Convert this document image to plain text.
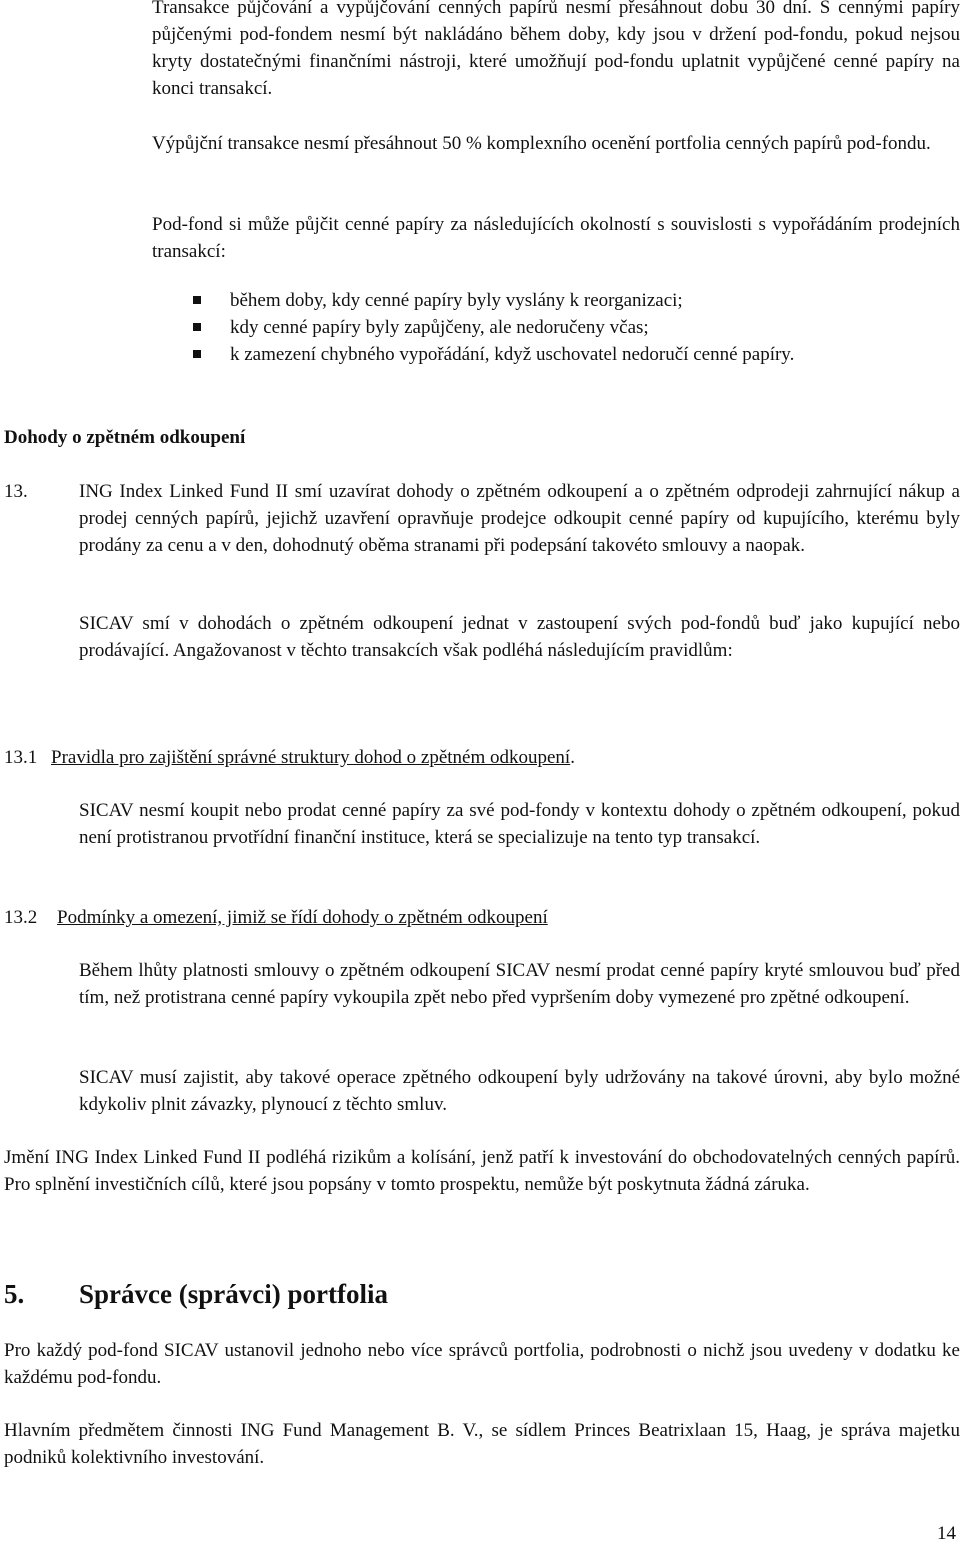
Transakce půjčování a vypůjčování cenných papírů nesmí přesáhnout dobu 30 dní. S cennými papíry půjčenými pod-fondem nesmí být nakládáno během doby, kdy jsou v držení pod-fondu, pokud nejsou kryty dostatečnými finančními nástroji, které umožňují pod-fondu uplatnit vypůjčené cenné papíry na konci transakcí.

Výpůjční transakce nesmí přesáhnout 50 % komplexního ocenění portfolia cenných papírů pod-fondu.

Pod-fond si může půjčit cenné papíry za následujících okolností s souvislosti s vypořádáním prodejních transakcí:

během doby, kdy cenné papíry byly vyslány k reorganizaci;
kdy cenné papíry byly zapůjčeny, ale nedoručeny včas;
k zamezení chybného vypořádání, když uschovatel nedoručí cenné papíry.
Dohody o zpětném odkoupení
13.	ING Index Linked Fund II smí uzavírat dohody o zpětném odkoupení a o zpětném odprodeji zahrnující nákup a prodej cenných papírů, jejichž uzavření opravňuje prodejce odkoupit cenné papíry od kupujícího, kterému byly prodány za cenu a v den, dohodnutý oběma stranami při podepsání takovéto smlouvy a naopak.

SICAV smí v dohodách o zpětném odkoupení jednat v zastoupení svých pod-fondů buď jako kupující nebo prodávající. Angažovanost v těchto transakcích však podléhá následujícím pravidlům:

13.1 Pravidla pro zajištění správné struktury dohod o zpětném odkoupení.

SICAV nesmí koupit nebo prodat cenné papíry za své pod-fondy v kontextu dohody o zpětném odkoupení, pokud není protistranou prvotřídní finanční instituce, která se specializuje na tento typ transakcí.

13.2 Podmínky a omezení, jimiž se řídí dohody o zpětném odkoupení

Během lhůty platnosti smlouvy o zpětném odkoupení SICAV nesmí prodat cenné papíry kryté smlouvou buď před tím, než protistrana cenné papíry vykoupila zpět nebo před vypršením doby vymezené pro zpětné odkoupení.

SICAV musí zajistit, aby takové operace zpětného odkoupení byly udržovány na takové úrovni, aby bylo možné kdykoliv plnit závazky, plynoucí z těchto smluv.

Jmění ING Index Linked Fund II podléhá rizikům a kolísání, jenž patří k investování do obchodovatelných cenných papírů. Pro splnění investičních cílů, které jsou popsány v tomto prospektu, nemůže být poskytnuta žádná záruka.

5. Správce (správci) portfolia

Pro každý pod-fond SICAV ustanovil jednoho nebo více správců portfolia, podrobnosti o nichž jsou uvedeny v dodatku ke každému pod-fondu.

Hlavním předmětem činnosti ING Fund Management B. V., se sídlem Princes Beatrixlaan 15, Haag, je správa majetku podniků kolektivního investování.

14
